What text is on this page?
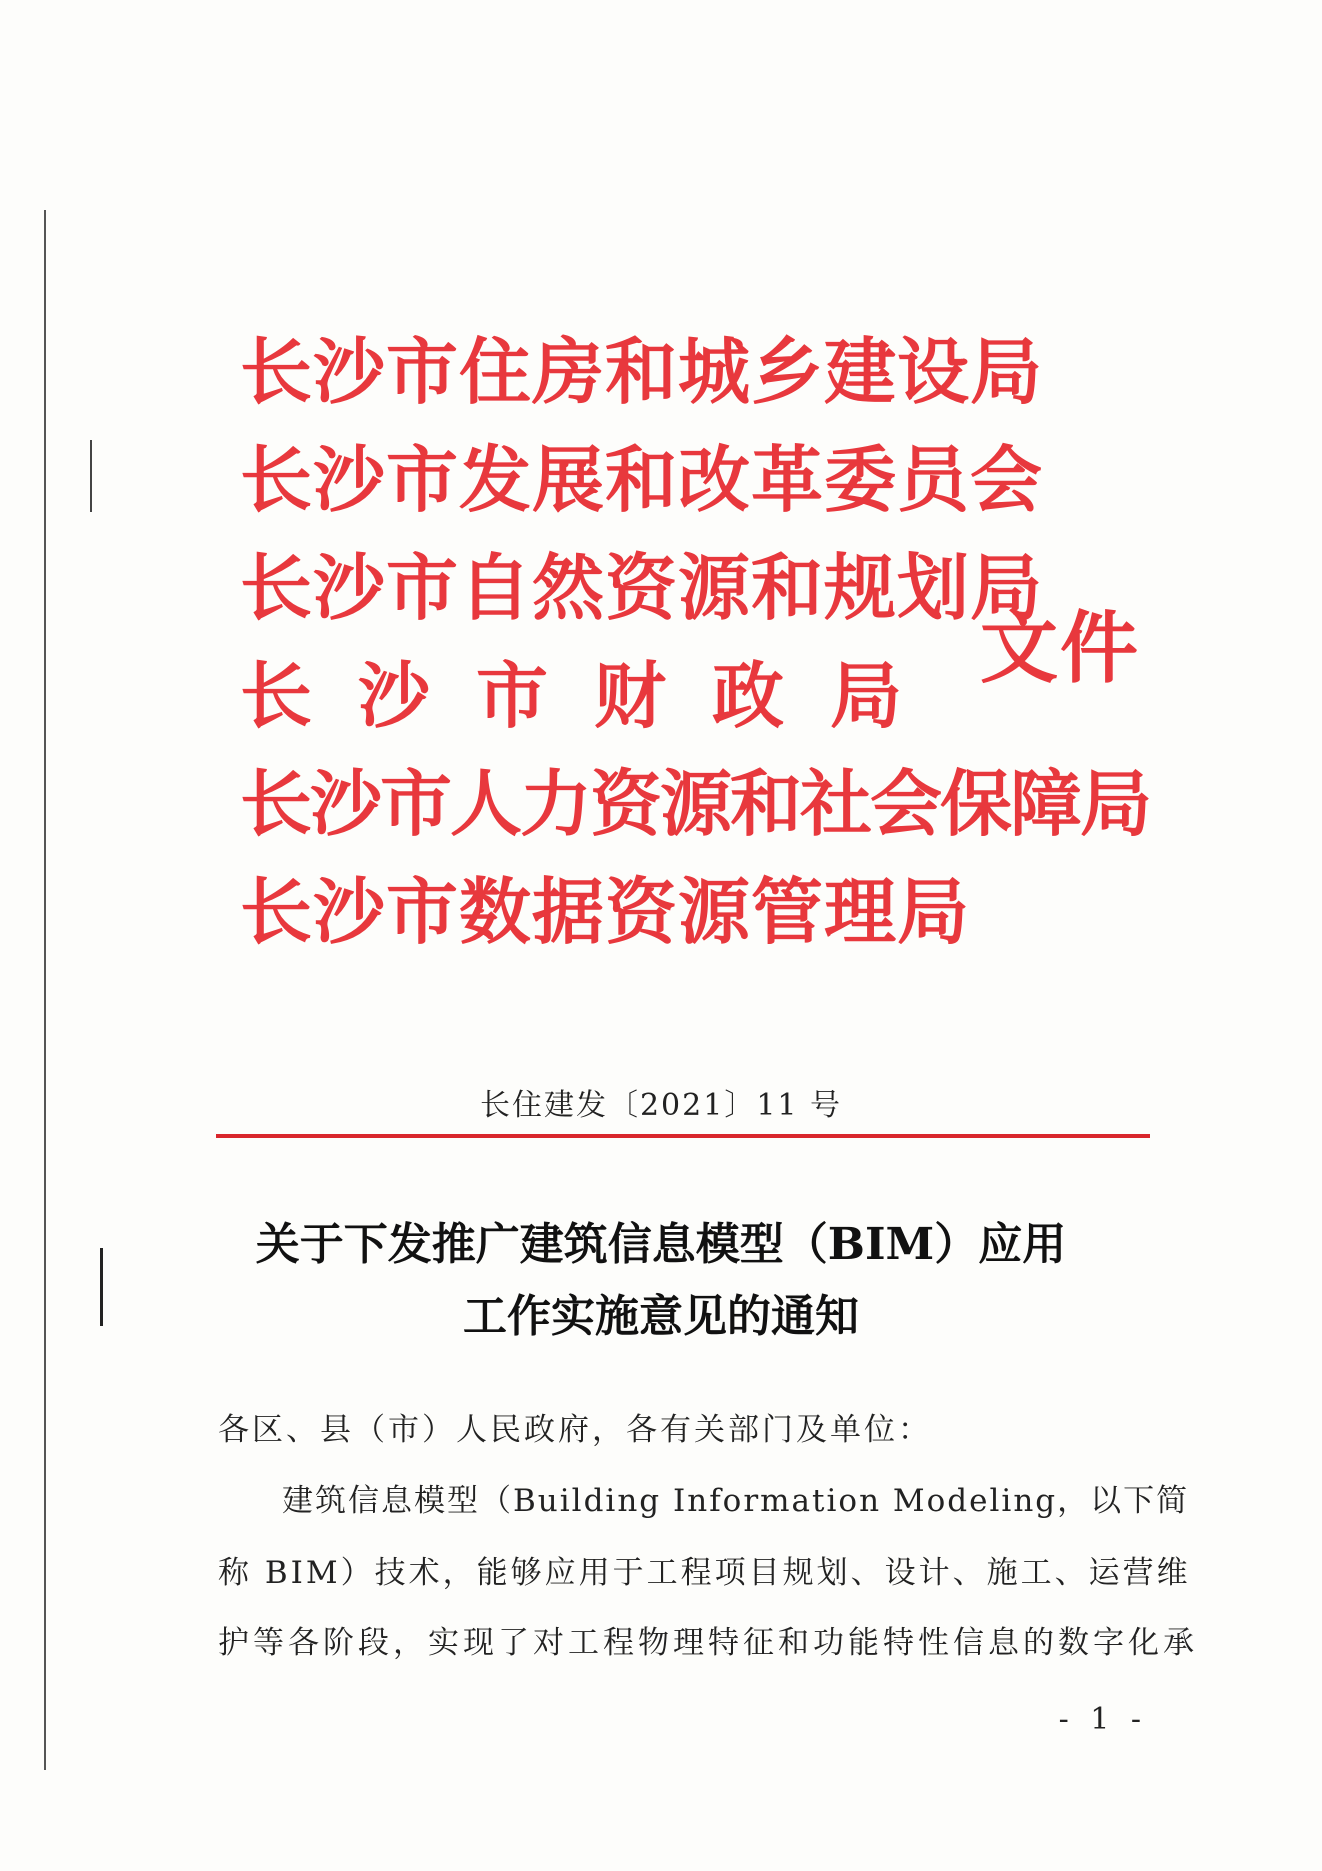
长沙市住房和城乡建设局
长沙市发展和改革委员会
长沙市自然资源和规划局
长沙市财政局
长沙市人力资源和社会保障局
长沙市数据资源管理局
文件
长住建发〔2021〕11 号
关于下发推广建筑信息模型（BIM）应用
工作实施意见的通知
各区、县（市）人民政府，各有关部门及单位：
建筑信息模型（Building Information Modeling，以下简
称 BIM）技术，能够应用于工程项目规划、设计、施工、运营维
护等各阶段，实现了对工程物理特征和功能特性信息的数字化承
- 1 -
